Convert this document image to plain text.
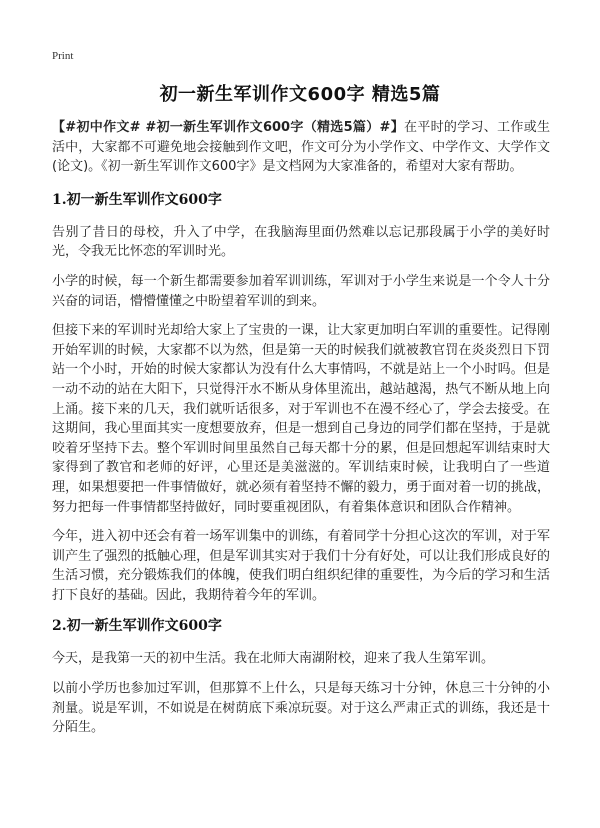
Print
初一新生军训作文600字 精选5篇

【#初中作文# #初一新生军训作文600字（精选5篇）#】在平时的学习、工作或生活中，大家都不可避免地会接触到作文吧，作文可分为小学作文、中学作文、大学作文(论文)。《初一新生军训作文600字》是文档网为大家准备的，希望对大家有帮助。

1.初一新生军训作文600字

告别了昔日的母校，升入了中学，在我脑海里面仍然难以忘记那段属于小学的美好时光，令我无比怀恋的军训时光。

小学的时候，每一个新生都需要参加着军训训练，军训对于小学生来说是一个令人十分兴奋的词语，懵懵懂懂之中盼望着军训的到来。

但接下来的军训时光却给大家上了宝贵的一课，让大家更加明白军训的重要性。记得刚开始军训的时候，大家都不以为然，但是第一天的时候我们就被教官罚在炎炎烈日下罚站一个小时，开始的时候大家都认为没有什么大事情吗，不就是站上一个小时吗。但是一动不动的站在大阳下，只觉得汗水不断从身体里流出，越站越渴，热气不断从地上向上涌。接下来的几天，我们就听话很多，对于军训也不在漫不经心了，学会去接受。在这期间，我心里面其实一度想要放弃，但是一想到自己身边的同学们都在坚持，于是就咬着牙坚持下去。整个军训时间里虽然自己每天都十分的累，但是回想起军训结束时大家得到了教官和老师的好评，心里还是美滋滋的。军训结束时候，让我明白了一些道理，如果想要把一件事情做好，就必须有着坚持不懈的毅力，勇于面对着一切的挑战，努力把每一件事情都坚持做好，同时要重视团队，有着集体意识和团队合作精神。

今年，进入初中还会有着一场军训集中的训练，有着同学十分担心这次的军训，对于军训产生了强烈的抵触心理，但是军训其实对于我们十分有好处，可以让我们形成良好的生活习惯，充分锻炼我们的体魄，使我们明白组织纪律的重要性，为今后的学习和生活打下良好的基础。因此，我期待着今年的军训。

2.初一新生军训作文600字

今天，是我第一天的初中生活。我在北师大南湖附校，迎来了我人生第军训。

以前小学历也参加过军训，但那算不上什么，只是每天练习十分钟，休息三十分钟的小剂量。说是军训，不如说是在树荫底下乘凉玩耍。对于这么严肃正式的训练，我还是十分陌生。
